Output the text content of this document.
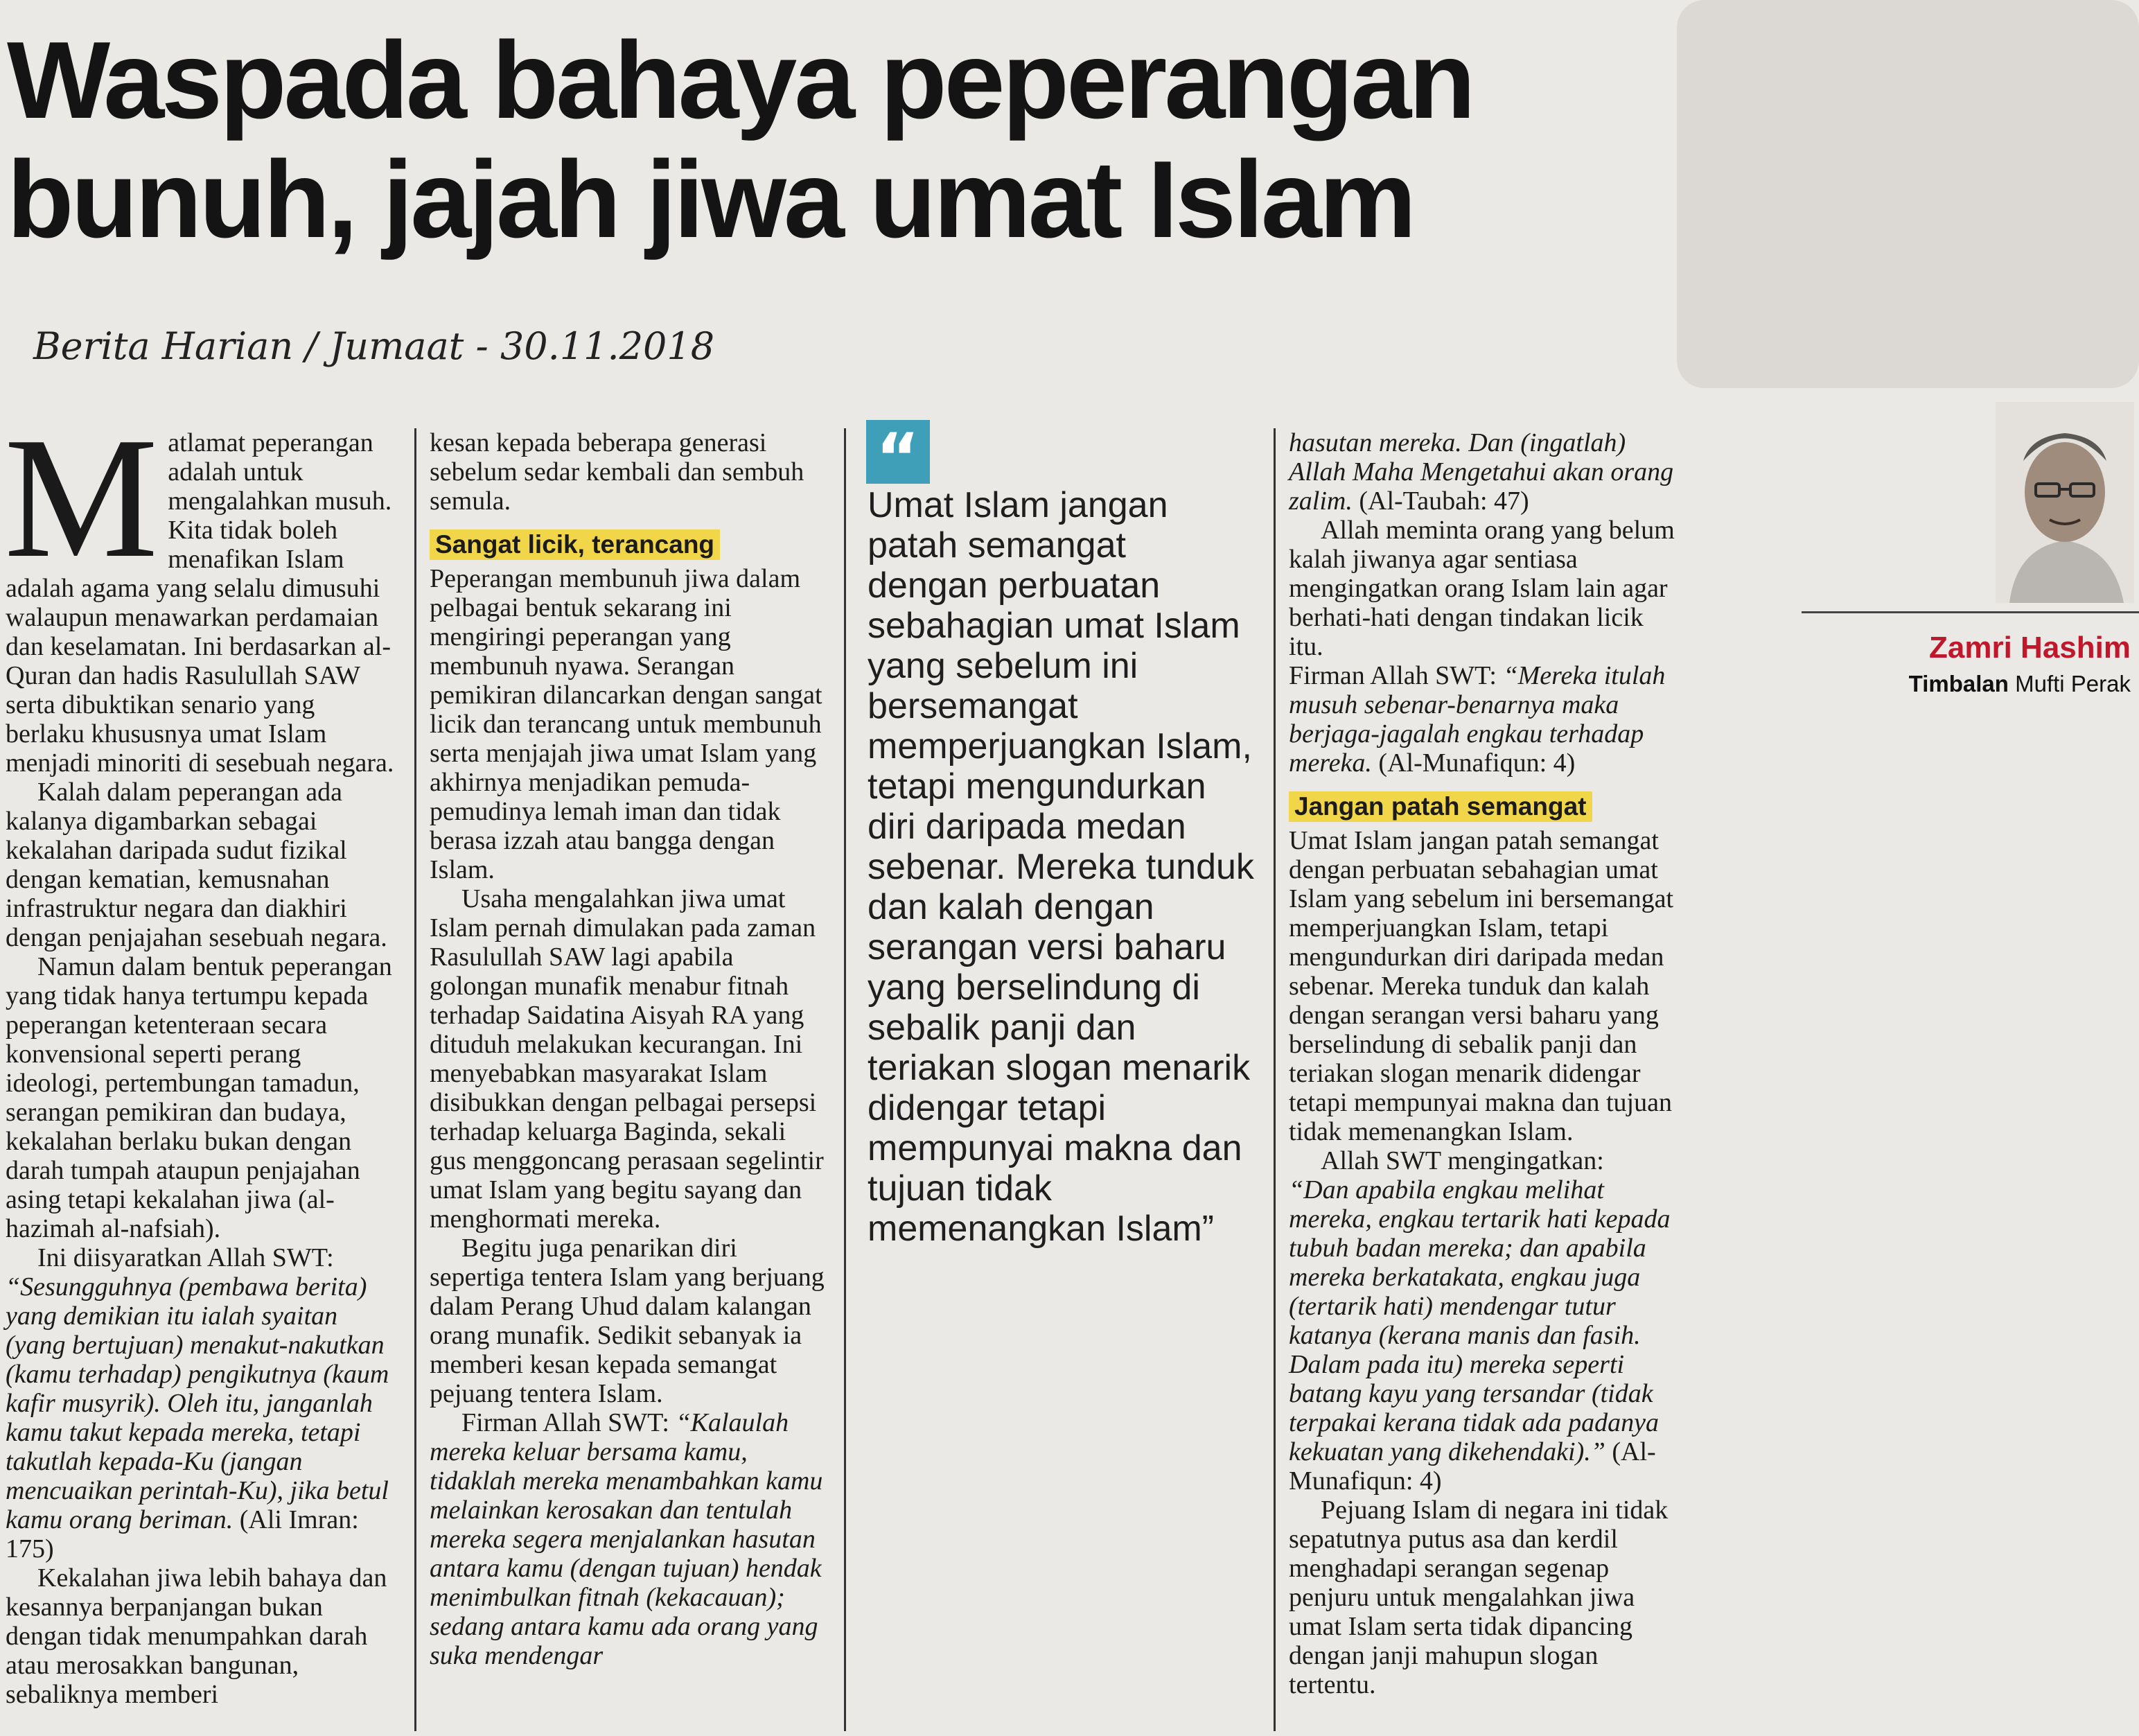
Waspada bahaya peperangan bunuh, jajah jiwa umat Islam
Berita Harian / Jumaat - 30.11.2018
M atlamat peperangan adalah untuk mengalahkan musuh. Kita tidak boleh menafikan Islam adalah agama yang selalu dimusuhi walaupun menawarkan perdamaian dan keselamatan. Ini berdasarkan al-Quran dan hadis Rasulullah SAW serta dibuktikan senario yang berlaku khususnya umat Islam menjadi minoriti di sesebuah negara.

Kalah dalam peperangan ada kalanya digambarkan sebagai kekalahan daripada sudut fizikal dengan kematian, kemusnahan infrastruktur negara dan diakhiri dengan penjajahan sesebuah negara.

Namun dalam bentuk peperangan yang tidak hanya tertumpu kepada peperangan ketenteraan secara konvensional seperti perang ideologi, pertembungan tamadun, serangan pemikiran dan budaya, kekalahan berlaku bukan dengan darah tumpah ataupun penjajahan asing tetapi kekalahan jiwa (al-hazimah al-nafsiah).

Ini diisyaratkan Allah SWT:

“Sesungguhnya (pembawa berita) yang demikian itu ialah syaitan (yang bertujuan) menakut-nakutkan (kamu terhadap) pengikutnya (kaum kafir musyrik). Oleh itu, janganlah kamu takut kepada mereka, tetapi takutlah kepada-Ku (jangan mencuaikan perintah-Ku), jika betul kamu orang beriman. (Ali Imran: 175)

Kekalahan jiwa lebih bahaya dan kesannya berpanjangan bukan dengan tidak menumpahkan darah atau merosakkan bangunan, sebaliknya memberi

kesan kepada beberapa generasi sebelum sedar kembali dan sembuh semula.

Sangat licik, terancang

Peperangan membunuh jiwa dalam pelbagai bentuk sekarang ini mengiringi peperangan yang membunuh nyawa. Serangan pemikiran dilancarkan dengan sangat licik dan terancang untuk membunuh serta menjajah jiwa umat Islam yang akhirnya menjadikan pemuda-pemudinya lemah iman dan tidak berasa izzah atau bangga dengan Islam.

Usaha mengalahkan jiwa umat Islam pernah dimulakan pada zaman Rasulullah SAW lagi apabila golongan munafik menabur fitnah terhadap Saidatina Aisyah RA yang dituduh melakukan kecurangan. Ini menyebabkan masyarakat Islam disibukkan dengan pelbagai persepsi terhadap keluarga Baginda, sekali gus menggoncang perasaan segelintir umat Islam yang begitu sayang dan menghormati mereka.

Begitu juga penarikan diri sepertiga tentera Islam yang berjuang dalam Perang Uhud dalam kalangan orang munafik. Sedikit sebanyak ia memberi kesan kepada semangat pejuang tentera Islam.

Firman Allah SWT: “Kalaulah mereka keluar bersama kamu, tidaklah mereka menambahkan kamu melainkan kerosakan dan tentulah mereka segera menjalankan hasutan antara kamu (dengan tujuan) hendak menimbulkan fitnah (kekacauan); sedang antara kamu ada orang yang suka mendengar

“

Umat Islam jangan patah semangat dengan perbuatan sebahagian umat Islam yang sebelum ini bersemangat memperjuangkan Islam, tetapi mengundurkan diri daripada medan sebenar. Mereka tunduk dan kalah dengan serangan versi baharu yang berselindung di sebalik panji dan teriakan slogan menarik didengar tetapi mempunyai makna dan tujuan tidak memenangkan Islam”

hasutan mereka. Dan (ingatlah) Allah Maha Mengetahui akan orang zalim. (Al-Taubah: 47)

Allah meminta orang yang belum kalah jiwanya agar sentiasa mengingatkan orang Islam lain agar berhati-hati dengan tindakan licik itu.

Firman Allah SWT: “Mereka itulah musuh sebenar-benarnya maka berjaga-jagalah engkau terhadap mereka. (Al-Munafiqun: 4)

Jangan patah semangat

Umat Islam jangan patah semangat dengan perbuatan sebahagian umat Islam yang sebelum ini bersemangat memperjuangkan Islam, tetapi mengundurkan diri daripada medan sebenar. Mereka tunduk dan kalah dengan serangan versi baharu yang berselindung di sebalik panji dan teriakan slogan menarik didengar tetapi mempunyai makna dan tujuan tidak memenangkan Islam.

Allah SWT mengingatkan:

“Dan apabila engkau melihat mereka, engkau tertarik hati kepada tubuh badan mereka; dan apabila mereka berkatakata, engkau juga (tertarik hati) mendengar tutur katanya (kerana manis dan fasih. Dalam pada itu) mereka seperti batang kayu yang tersandar (tidak terpakai kerana tidak ada padanya kekuatan yang dikehendaki).” (Al-Munafiqun: 4)

Pejuang Islam di negara ini tidak sepatutnya putus asa dan kerdil menghadapi serangan segenap penjuru untuk mengalahkan jiwa umat Islam serta tidak dipancing dengan janji mahupun slogan tertentu.

Zamri Hashim
Timbalan Mufti Perak
